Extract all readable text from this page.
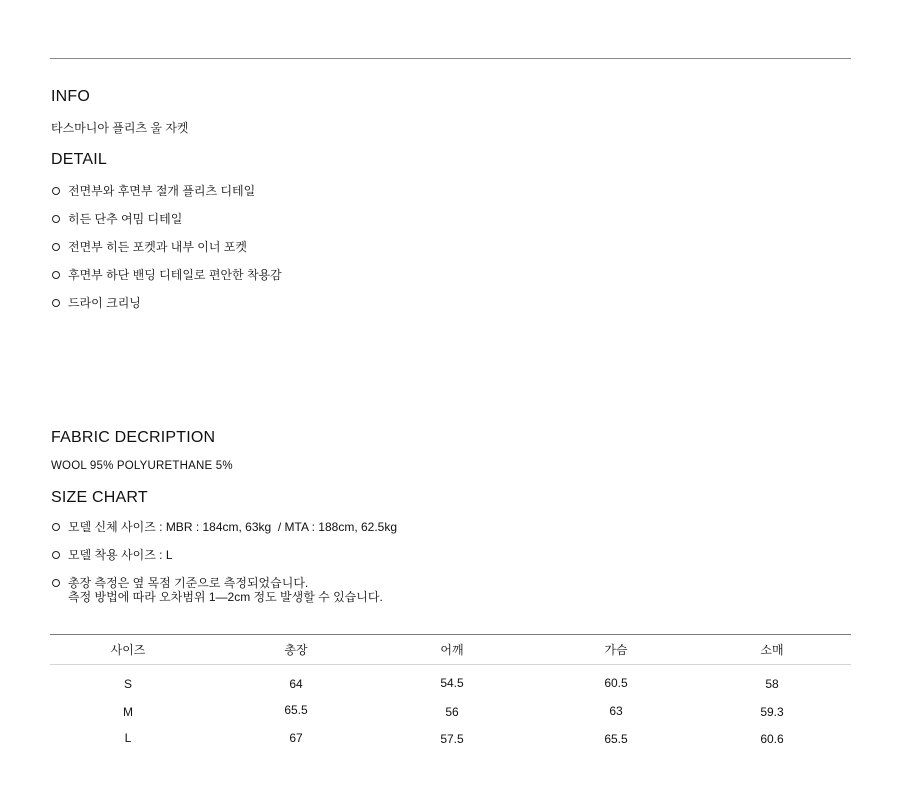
INFO
타스마니아 플리츠 울 자켓
DETAIL
전면부와 후면부 절개 플리츠 디테일
히든 단추 여밈 디테일
전면부 히든 포켓과 내부 이너 포켓
후면부 하단 밴딩 디테일로 편안한 착용감
드라이 크리닝
FABRIC DECRIPTION
WOOL 95% POLYURETHANE 5%
SIZE CHART
모델 신체 사이즈 : MBR : 184cm, 63kg  / MTA : 188cm, 62.5kg
모델 착용 사이즈 : L
총장 측정은 옆 목점 기준으로 측정되었습니다.
측정 방법에 따라 오차범위 1—2cm 정도 발생할 수 있습니다.
사이즈	총장	어깨	가슴	소매
S	64	54.5	60.5	58
M	65.5	56	63	59.3
L	67	57.5	65.5	60.6
